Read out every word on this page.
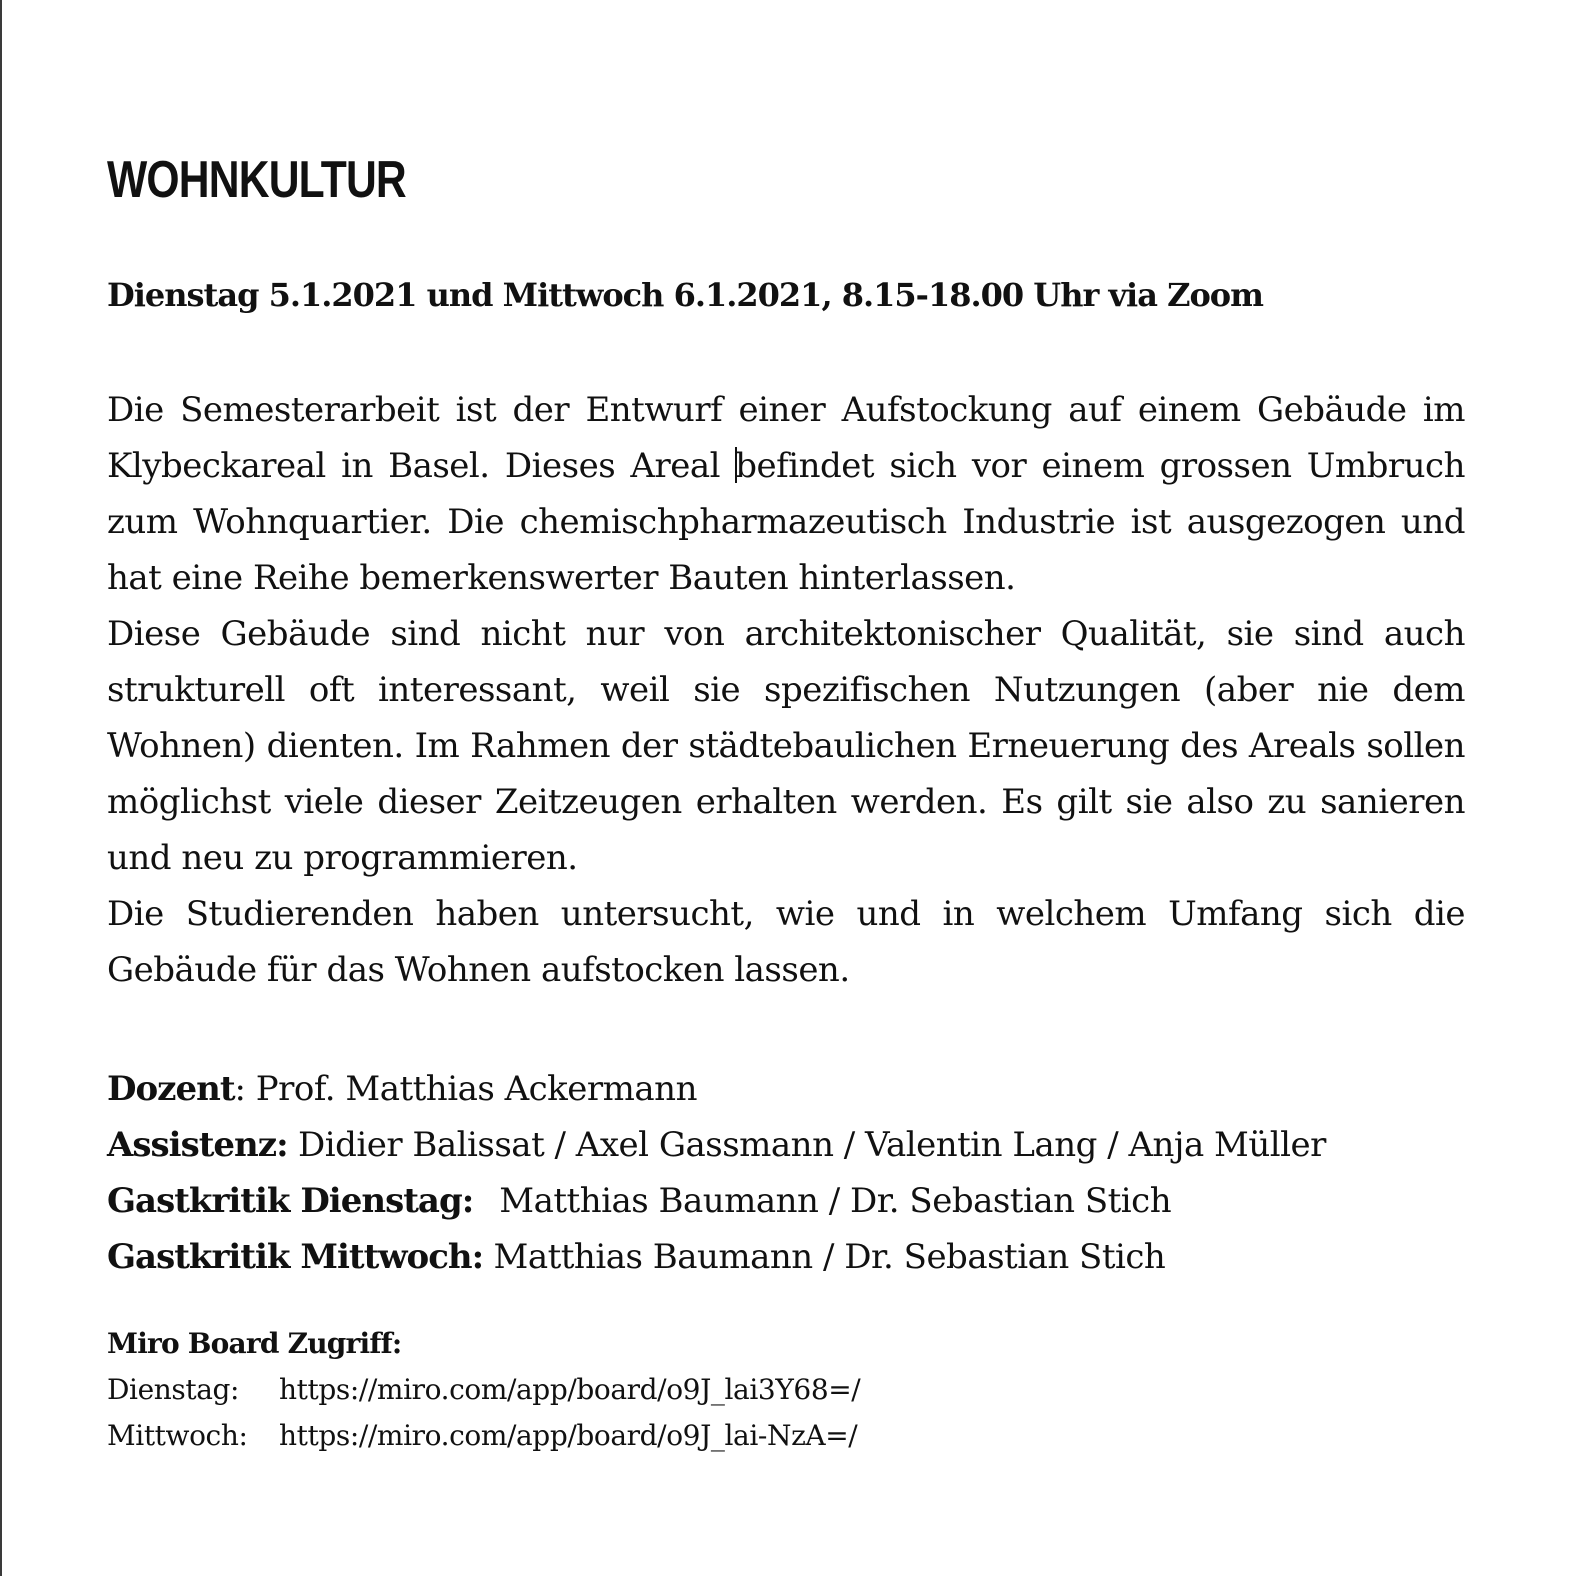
WOHNKULTUR
Dienstag 5.1.2021 und Mittwoch 6.1.2021, 8.15-18.00 Uhr via Zoom

Die Semesterarbeit ist der Entwurf einer Aufstockung auf einem Gebäude im Klybeckareal in Basel. Dieses Areal befindet sich vor einem grossen Umbruch zum Wohnquartier. Die chemischpharmazeutisch Industrie ist ausgezogen und hat eine Reihe bemerkenswerter Bauten hinterlassen.

Diese Gebäude sind nicht nur von architektonischer Qualität, sie sind auch strukturell oft interessant, weil sie spezifischen Nutzungen (aber nie dem Wohnen) dienten. Im Rahmen der städtebaulichen Erneuerung des Areals sollen möglichst viele dieser Zeitzeugen erhalten werden. Es gilt sie also zu sanieren und neu zu programmieren.

Die Studierenden haben untersucht, wie und in welchem Umfang sich die Gebäude für das Wohnen aufstocken lassen.

Dozent: Prof. Matthias Ackermann
Assistenz: Didier Balissat / Axel Gassmann / Valentin Lang / Anja Müller
Gastkritik Dienstag: Matthias Baumann / Dr. Sebastian Stich
Gastkritik Mittwoch: Matthias Baumann / Dr. Sebastian Stich
Miro Board Zugriff:
Dienstag: https://miro.com/app/board/o9J_lai3Y68=/
Mittwoch: https://miro.com/app/board/o9J_lai-NzA=/
